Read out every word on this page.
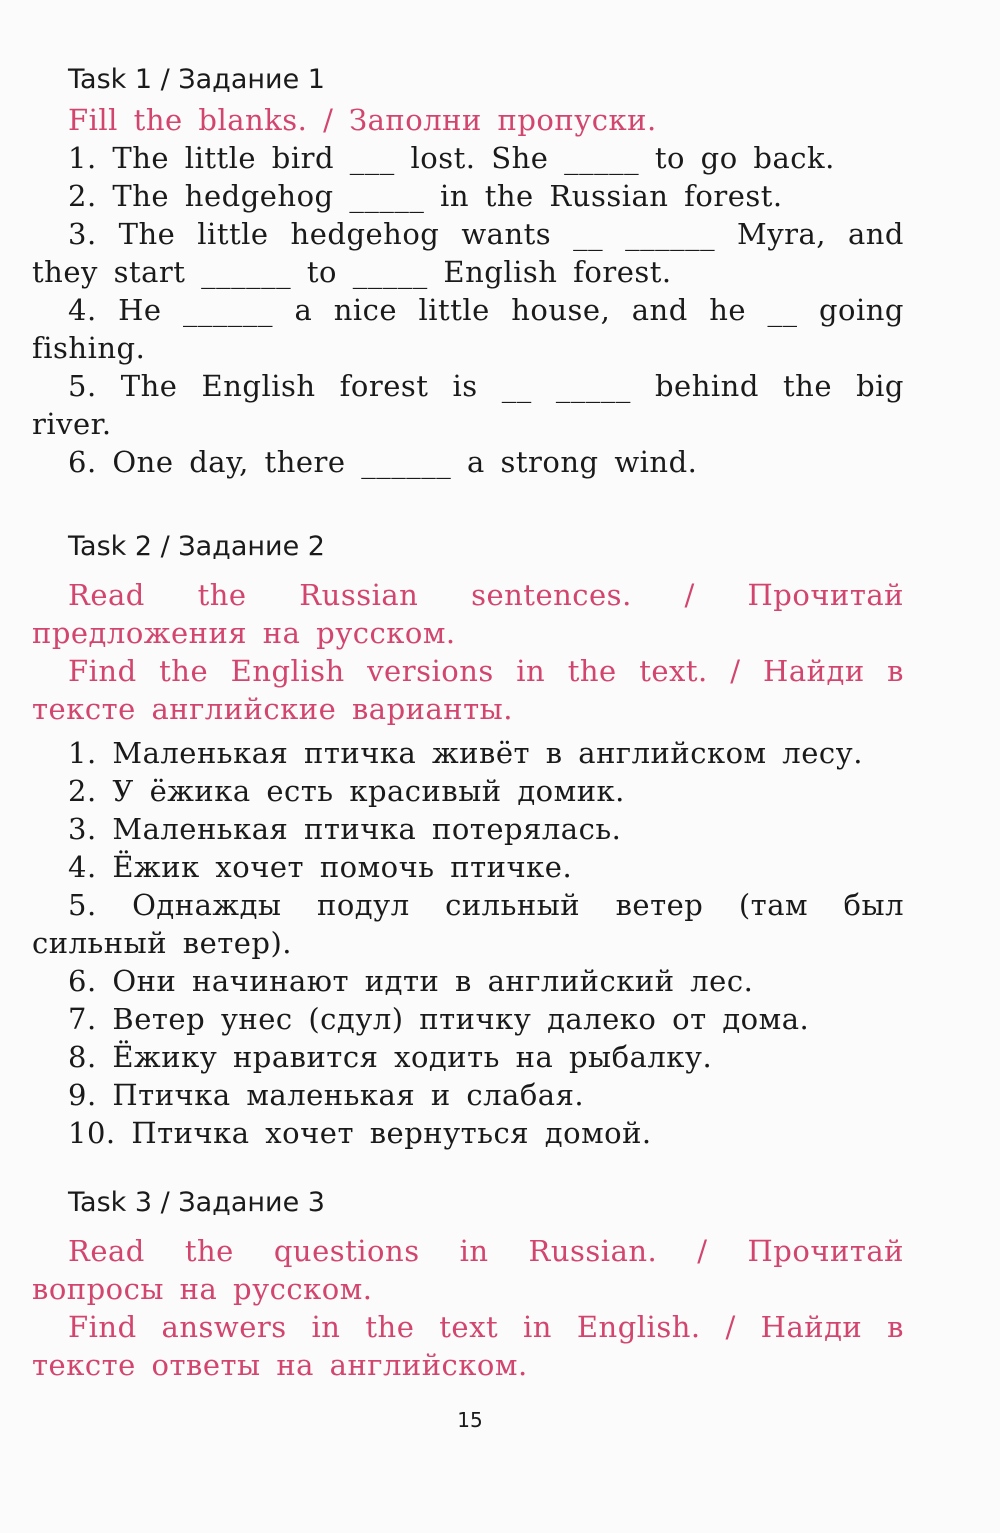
Task 1 / Задание 1

Fill the blanks. / Заполни пропуски.

1. The little bird ___ lost. She _____ to go back.

2. The hedgehog _____ in the Russian forest.

3. The little hedgehog wants __ ______ Myra, and they start ______ to _____ English forest.

4. He ______ a nice little house, and he __ going fishing.

5. The English forest is __ _____ behind the big river.

6. One day, there ______ a strong wind.

Task 2 / Задание 2

Read the Russian sentences. / Прочитай предложения на русском.

Find the English versions in the text. / Найди в тексте английские варианты.

1. Маленькая птичка живёт в английском лесу.

2. У ёжика есть красивый домик.

3. Маленькая птичка потерялась.

4. Ёжик хочет помочь птичке.

5. Однажды подул сильный ветер (там был сильный ветер).

6. Они начинают идти в английский лес.

7. Ветер унес (сдул) птичку далеко от дома.

8. Ёжику нравится ходить на рыбалку.

9. Птичка маленькая и слабая.

10. Птичка хочет вернуться домой.

Task 3 / Задание 3

Read the questions in Russian. / Прочитай вопросы на русском.

Find answers in the text in English. / Найди в тексте ответы на английском.

15
